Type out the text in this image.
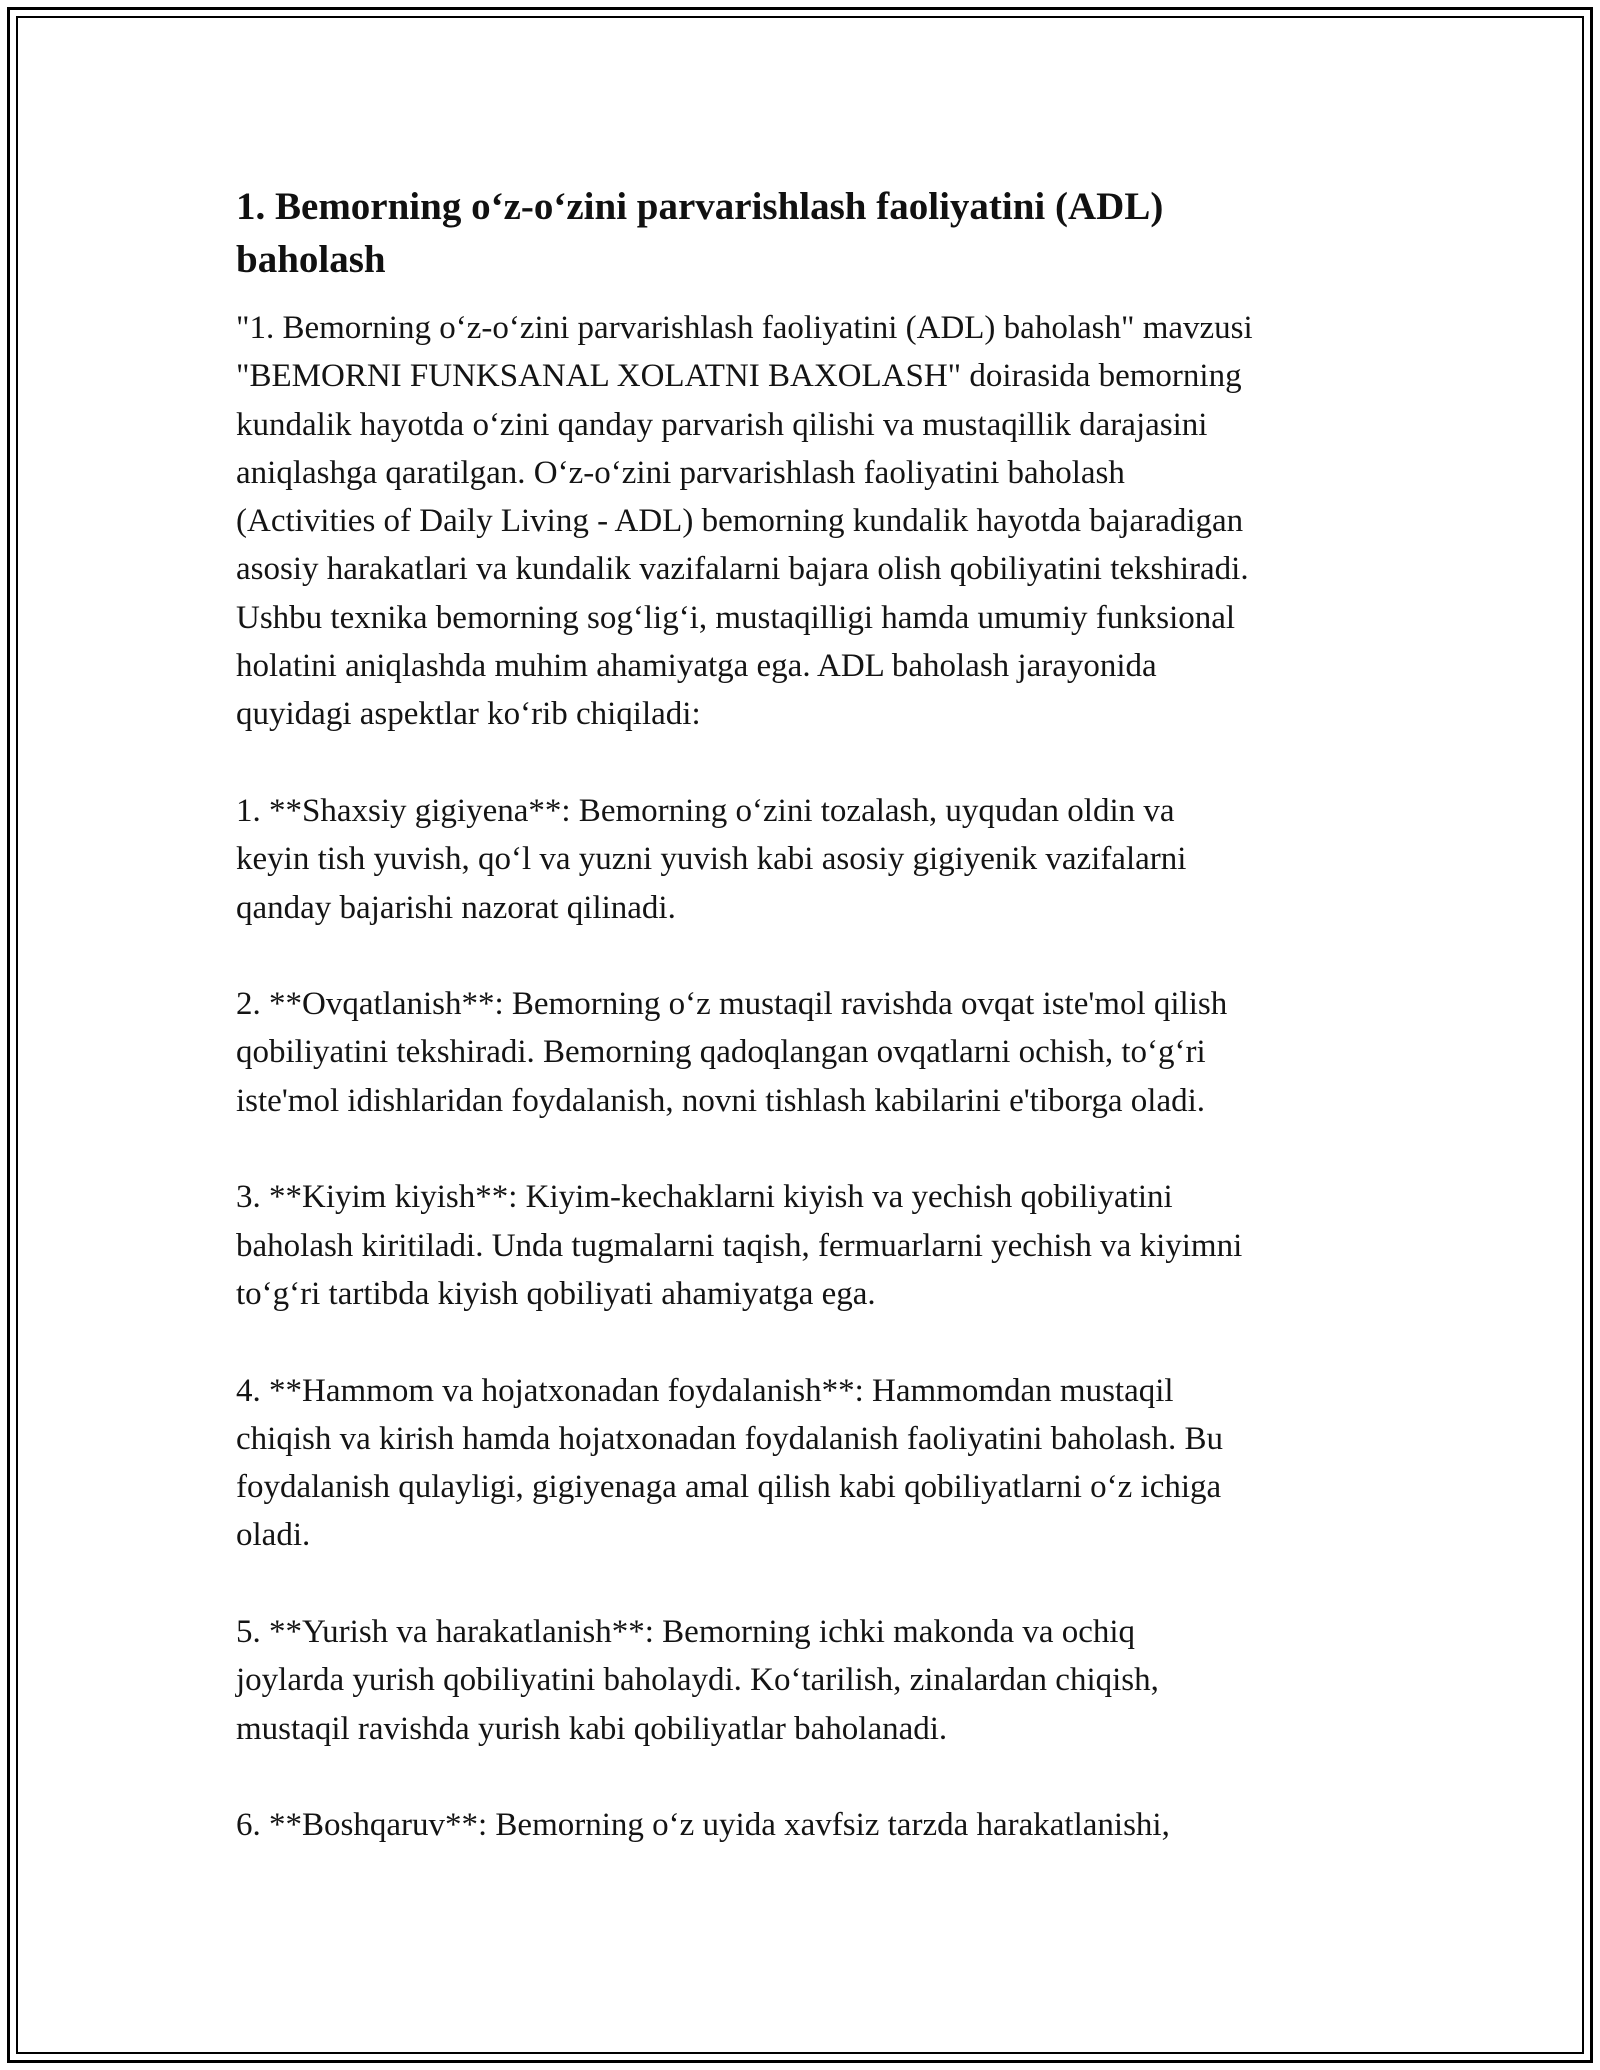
1. Bemorning o‘z-o‘zini parvarishlash faoliyatini (ADL)
baholash
"1. Bemorning o‘z-o‘zini parvarishlash faoliyatini (ADL) baholash" mavzusi
"BEMORNI FUNKSANAL XOLATNI BAXOLASH" doirasida bemorning
kundalik hayotda o‘zini qanday parvarish qilishi va mustaqillik darajasini
aniqlashga qaratilgan. O‘z-o‘zini parvarishlash faoliyatini baholash
(Activities of Daily Living - ADL) bemorning kundalik hayotda bajaradigan
asosiy harakatlari va kundalik vazifalarni bajara olish qobiliyatini tekshiradi.
Ushbu texnika bemorning sog‘lig‘i, mustaqilligi hamda umumiy funksional
holatini aniqlashda muhim ahamiyatga ega. ADL baholash jarayonida
quyidagi aspektlar ko‘rib chiqiladi:
1. **Shaxsiy gigiyena**: Bemorning o‘zini tozalash, uyqudan oldin va
keyin tish yuvish, qo‘l va yuzni yuvish kabi asosiy gigiyenik vazifalarni
qanday bajarishi nazorat qilinadi.
2. **Ovqatlanish**: Bemorning o‘z mustaqil ravishda ovqat iste'mol qilish
qobiliyatini tekshiradi. Bemorning qadoqlangan ovqatlarni ochish, to‘g‘ri
iste'mol idishlaridan foydalanish, novni tishlash kabilarini e'tiborga oladi.
3. **Kiyim kiyish**: Kiyim-kechaklarni kiyish va yechish qobiliyatini
baholash kiritiladi. Unda tugmalarni taqish, fermuarlarni yechish va kiyimni
to‘g‘ri tartibda kiyish qobiliyati ahamiyatga ega.
4. **Hammom va hojatxonadan foydalanish**: Hammomdan mustaqil
chiqish va kirish hamda hojatxonadan foydalanish faoliyatini baholash. Bu
foydalanish qulayligi, gigiyenaga amal qilish kabi qobiliyatlarni o‘z ichiga
oladi.
5. **Yurish va harakatlanish**: Bemorning ichki makonda va ochiq
joylarda yurish qobiliyatini baholaydi. Ko‘tarilish, zinalardan chiqish,
mustaqil ravishda yurish kabi qobiliyatlar baholanadi.
6. **Boshqaruv**: Bemorning o‘z uyida xavfsiz tarzda harakatlanishi,
